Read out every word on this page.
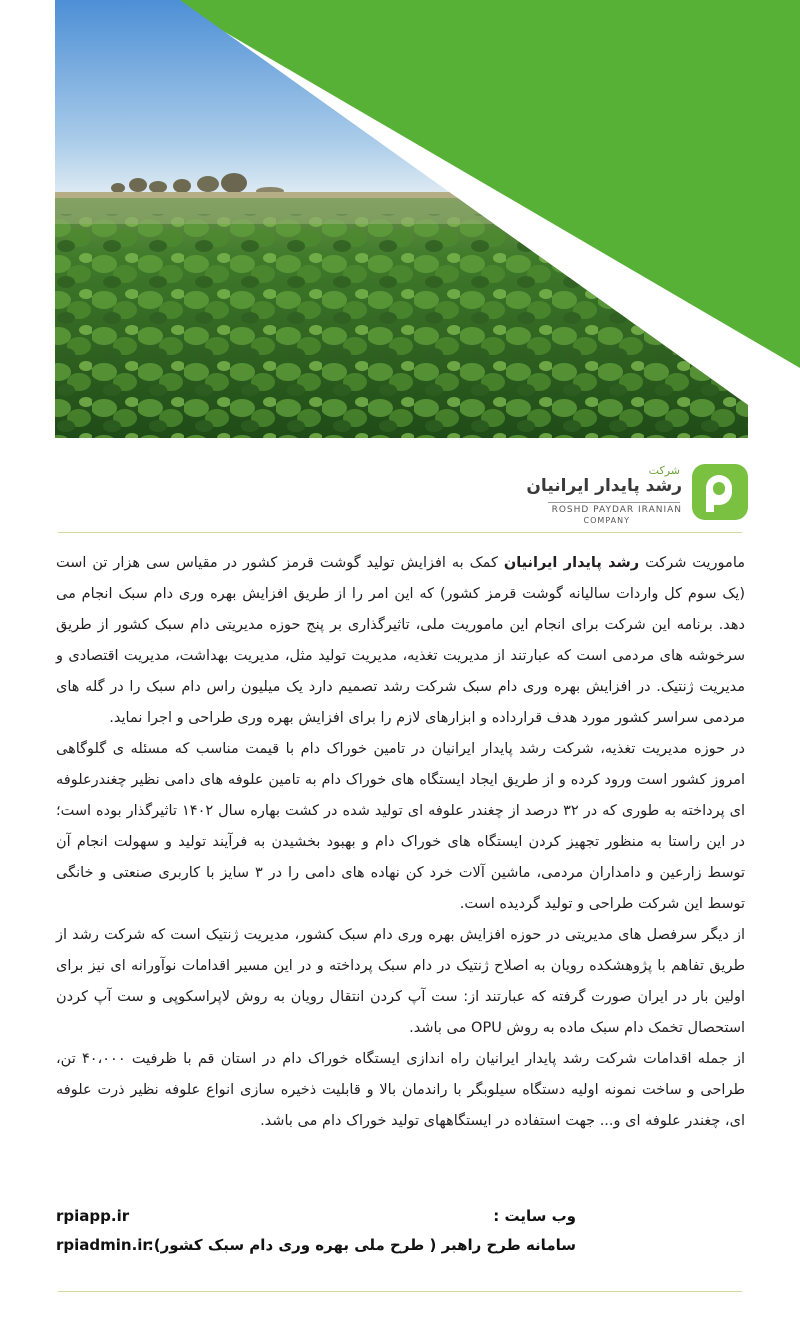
شرکت
رشد پایدار ایرانیان
ROSHD PAYDAR IRANIAN
COMPANY

ماموریت شرکت رشد پایدار ایرانیان کمک به افزایش تولید گوشت قرمز کشور در مقیاس سی هزار تن است (یک سوم کل واردات سالیانه گوشت قرمز کشور) که این امر را از طریق افزایش بهره وری دام سبک انجام می دهد. برنامه این شرکت برای انجام این ماموریت ملی، تاثیرگذاری بر پنج حوزه مدیریتی دام سبک کشور از طریق سرخوشه های مردمی است که عبارتند از مدیریت تغذیه، مدیریت تولید مثل، مدیریت بهداشت، مدیریت اقتصادی و مدیریت ژنتیک. در افزایش بهره وری دام سبک شرکت رشد تصمیم دارد یک میلیون راس دام سبک را در گله های مردمی سراسر کشور مورد هدف قرارداده و ابزارهای لازم را برای افزایش بهره وری طراحی و اجرا نماید.

در حوزه مدیریت تغذیه، شرکت رشد پایدار ایرانیان در تامین خوراک دام با قیمت مناسب که مسئله ی گلوگاهی امروز کشور است ورود کرده و از طریق ایجاد ایستگاه های خوراک دام به تامین علوفه های دامی نظیر چغندرعلوفه ای پرداخته به طوری که در ۳۲ درصد از چغندر علوفه ای تولید شده در کشت بهاره سال ۱۴۰۲ تاثیرگذار بوده است؛ در این راستا به منظور تجهیز کردن ایستگاه های خوراک دام و بهبود بخشیدن به فرآیند تولید و سهولت انجام آن توسط زارعین و دامداران مردمی، ماشین آلات خرد کن نهاده های دامی را در ۳ سایز با کاربری صنعتی و خانگی توسط این شرکت طراحی و تولید گردیده است.

از دیگر سرفصل های مدیریتی در حوزه افزایش بهره وری دام سبک کشور، مدیریت ژنتیک است که شرکت رشد از طریق تفاهم با پژوهشکده رویان به اصلاح ژنتیک در دام سبک پرداخته و در این مسیر اقدامات نوآورانه ای نیز برای اولین بار در ایران صورت گرفته که عبارتند از: ست آپ کردن انتقال رویان به روش لاپراسکوپی و ست آپ کردن استحصال تخمک دام سبک ماده به روش OPU می باشد.

از جمله اقدامات شرکت رشد پایدار ایرانیان راه اندازی ایستگاه خوراک دام در استان قم با ظرفیت ۴۰،۰۰۰ تن، طراحی و ساخت نمونه اولیه دستگاه سیلوبگر با راندمان بالا و قابلیت ذخیره سازی انواع علوفه نظیر ذرت علوفه ای، چغندر علوفه ای و... جهت استفاده در ایستگاههای تولید خوراک دام می باشد.

وب سایت :
rpiapp.ir
سامانه طرح راهبر ( طرح ملی بهره وری دام سبک کشور):
rpiadmin.ir
